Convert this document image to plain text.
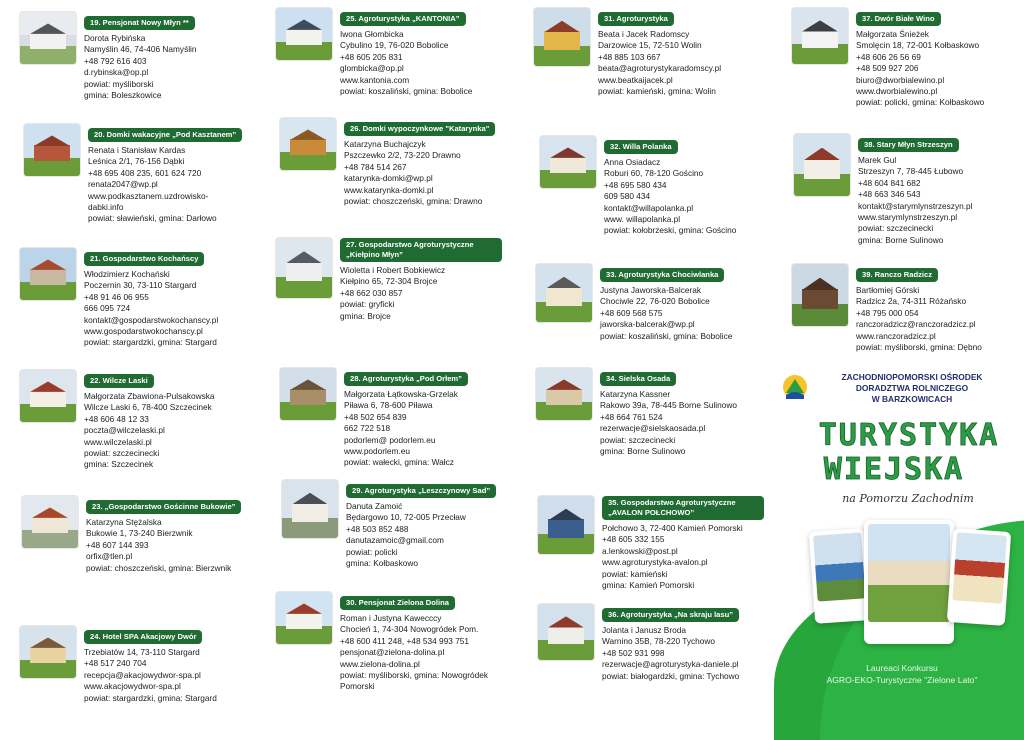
19. Pensjonat Nowy Młyn **
Dorota Rybińska
Namyślin 46, 74-406 Namyślin
+48 792 616 403
d.rybinska@op.pl
powiat: myśliborski
gmina: Boleszkowice
20. Domki wakacyjne „Pod Kasztanem”
Renata i Stanisław Kardas
Leśnica 2/1, 76-156 Dąbki
+48 695 408 235, 601 624 720
renata2047@wp.pl
www.podkasztanem.uzdrowisko-
dabki.info
powiat: sławieński, gmina: Darłowo
21. Gospodarstwo Kochańscy
Włodzimierz Kochański
Poczernin 30, 73-110 Stargard
+48 91 46 06 955
666 095 724
kontakt@gospodarstwokochanscy.pl
www.gospodarstwokochanscy.pl
powiat: stargardzki, gmina: Stargard
22. Wilcze Laski
Małgorzata Zbawiona-Pulsakowska
Wilcze Laski 6, 78-400 Szczecinek
+48 606 48 12 33
poczta@wilczelaski.pl
www.wilczelaski.pl
powiat: szczecinecki
gmina: Szczecinek
23. „Gospodarstwo Gościnne Bukowie”
Katarzyna Stężalska
Bukowie 1, 73-240 Bierzwnik
+48 607 144 393
orfix@tlen.pl
powiat: choszczeński, gmina: Bierzwnik
24. Hotel SPA Akacjowy Dwór
Trzebiatów 14, 73-110 Stargard
+48 517 240 704
recepcja@akacjowydwor-spa.pl
www.akacjowydwor-spa.pl
powiat: stargardzki, gmina: Stargard
25. Agroturystyka „KANTONIA”
Iwona Głombicka
Cybulino 19, 76-020 Bobolice
+48 605 205 831
glombicka@op.pl
www.kantonia.com
powiat: koszaliński, gmina: Bobolice
26. Domki wypoczynkowe "Katarynka"
Katarzyna Buchajczyk
Pszczewko 2/2, 73-220 Drawno
+48 784 514 267
katarynka-domki@wp.pl
www.katarynka-domki.pl
powiat: choszczeński, gmina: Drawno
27. Gospodarstwo Agroturystyczne „Kiełpino Młyn”
Wioletta i Robert Bobkiewicz
Kiełpino 65, 72-304 Brojce
+48 662 030 857
powiat: gryficki
gmina: Brojce
28. Agroturystyka „Pod Orłem”
Małgorzata Łątkowska-Grzelak
Piława 6, 78-600 Piława
+48 502 654 839
662 722 518
podorlem@ podorlem.eu
www.podorlem.eu
powiat: wałecki, gmina: Wałcz
29. Agroturystyka „Leszczynowy Sad”
Danuta Zamoić
Będargowo 10, 72-005 Przecław
+48 503 852 488
danutazamoic@gmail.com
powiat: policki
gmina: Kołbaskowo
30. Pensjonat Zielona Dolina
Roman i Justyna Kawecccy
Chocień 1, 74-304 Nowogródek Pom.
+48 600 411 248, +48 534 993 751
pensjonat@zielona-dolina.pl
www.zielona-dolina.pl
powiat: myśliborski, gmina: Nowogródek
Pomorski
31. Agroturystyka
Beata i Jacek Radomscy
Darzowice 15, 72-510 Wolin
+48 885 103 667
beata@agroturystykaradomscy.pl
www.beatkaijacek.pl
powiat: kamieński, gmina: Wolin
32. Willa Polanka
Anna Osiadacz
Roburi 60, 78-120 Gościno
+48 695 580 434
609 580 434
kontakt@willapolanka.pl
www. willapolanka.pl
powiat: kołobrzeski, gmina: Gościno
33. Agroturystyka Chociwlanka
Justyna Jaworska-Balcerak
Chociwle 22, 76-020 Bobolice
+48 609 568 575
jaworska-balcerak@wp.pl
powiat: koszaliński, gmina: Bobolice
34. Sielska Osada
Katarzyna Kassner
Rakowo 39a, 78-445 Borne Sulinowo
+48 664 761 524
rezerwacje@sielskaosada.pl
powiat: szczecinecki
gmina: Borne Sulinowo
35. Gospodarstwo Agroturystyczne „AVALON POŁCHOWO”
Połchowo 3, 72-400 Kamień Pomorski
+48 605 332 155
a.lenkowski@post.pl
www.agroturystyka-avalon.pl
powiat: kamieński
gmina: Kamień Pomorski
36. Agroturystyka „Na skraju lasu”
Jolanta i Janusz Broda
Warnino 35B, 78-220 Tychowo
+48 502 931 998
rezerwacje@agroturystyka-daniele.pl
powiat: białogardzki, gmina: Tychowo
37. Dwór Białe Wino
Małgorzata Śnieżek
Smolęcin 18, 72-001 Kołbaskowo
+48 606 26 56 69
+48 509 927 206
biuro@dworbialewino.pl
www.dworbialewino.pl
powiat: policki, gmina: Kołbaskowo
38. Stary Młyn Strzeszyn
Marek Gul
Strzeszyn 7, 78-445 Łubowo
+48 604 841 682
+48 663 346 543
kontakt@starymlynstrzeszyn.pl
www.starymlynstrzeszyn.pl
powiat: szczecinecki
gmina: Borne Sulinowo
39. Ranczo Radzicz
Bartłomiej Górski
Radzicz 2a, 74-311 Różańsko
+48 795 000 054
ranczoradzicz@ranczoradzicz.pl
www.ranczoradzicz.pl
powiat: myśliborski, gmina: Dębno
ZACHODNIOPOMORSKI OŚRODEK
DORADZTWA ROLNICZEGO
W BARZKOWICACH
TURYSTYKA
WIEJSKA
na Pomorzu Zachodnim
Laureaci Konkursu
AGRO-EKO-Turystyczne "Zielone Lato"
